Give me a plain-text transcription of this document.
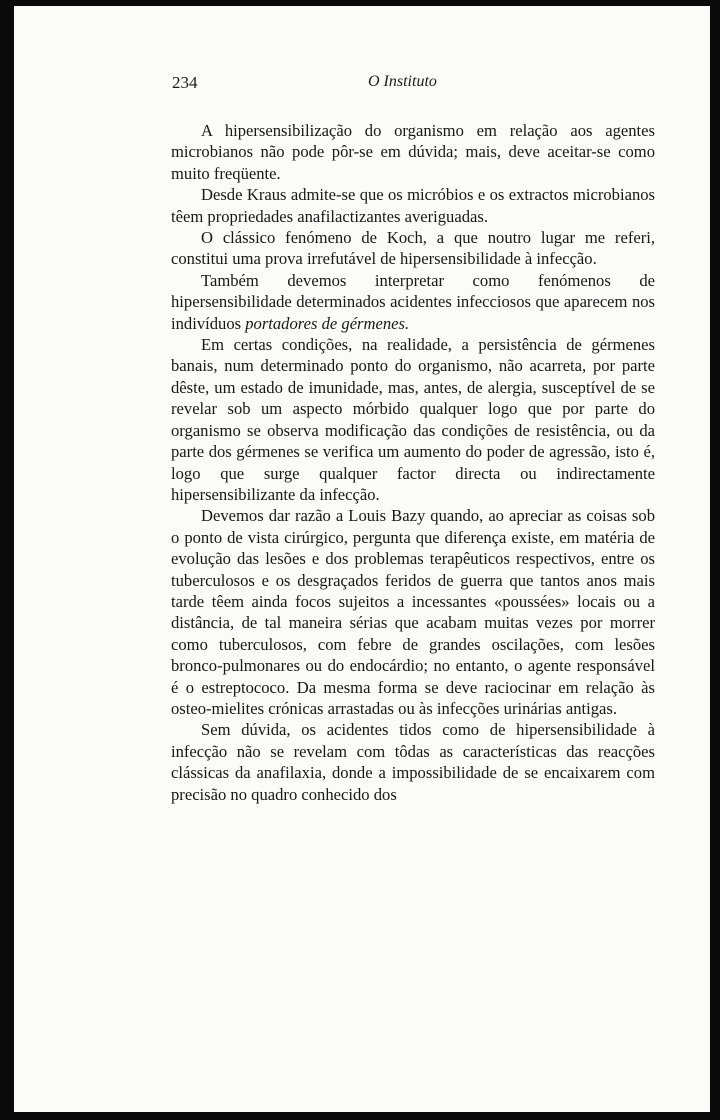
234	O Instituto

A hipersensibilização do organismo em relação aos agentes microbianos não pode pôr-se em dúvida; mais, deve aceitar-se como muito freqüente.

Desde Kraus admite-se que os micróbios e os extractos microbianos têem propriedades anafilactizantes averiguadas.

O clássico fenómeno de Koch, a que noutro lugar me referi, constitui uma prova irrefutável de hipersensibilidade à infecção.

Também devemos interpretar como fenómenos de hipersensibilidade determinados acidentes infecciosos que aparecem nos indivíduos portadores de gérmenes.

Em certas condições, na realidade, a persistência de gérmenes banais, num determinado ponto do organismo, não acarreta, por parte dêste, um estado de imunidade, mas, antes, de alergia, susceptível de se revelar sob um aspecto mórbido qualquer logo que por parte do organismo se observa modificação das condições de resistência, ou da parte dos gérmenes se verifica um aumento do poder de agressão, isto é, logo que surge qualquer factor directa ou indirectamente hipersensibilizante da infecção.

Devemos dar razão a Louis Bazy quando, ao apreciar as coisas sob o ponto de vista cirúrgico, pergunta que diferença existe, em matéria de evolução das lesões e dos problemas terapêuticos respectivos, entre os tuberculosos e os desgraçados feridos de guerra que tantos anos mais tarde têem ainda focos sujeitos a incessantes «poussées» locais ou a distância, de tal maneira sérias que acabam muitas vezes por morrer como tuberculosos, com febre de grandes oscilações, com lesões bronco-pulmonares ou do endocárdio; no entanto, o agente responsável é o estreptococo. Da mesma forma se deve raciocinar em relação às osteo-mielites crónicas arrastadas ou às infecções urinárias antigas.

Sem dúvida, os acidentes tidos como de hipersensibilidade à infecção não se revelam com tôdas as características das reacções clássicas da anafilaxia, donde a impossibilidade de se encaixarem com precisão no quadro conhecido dos
